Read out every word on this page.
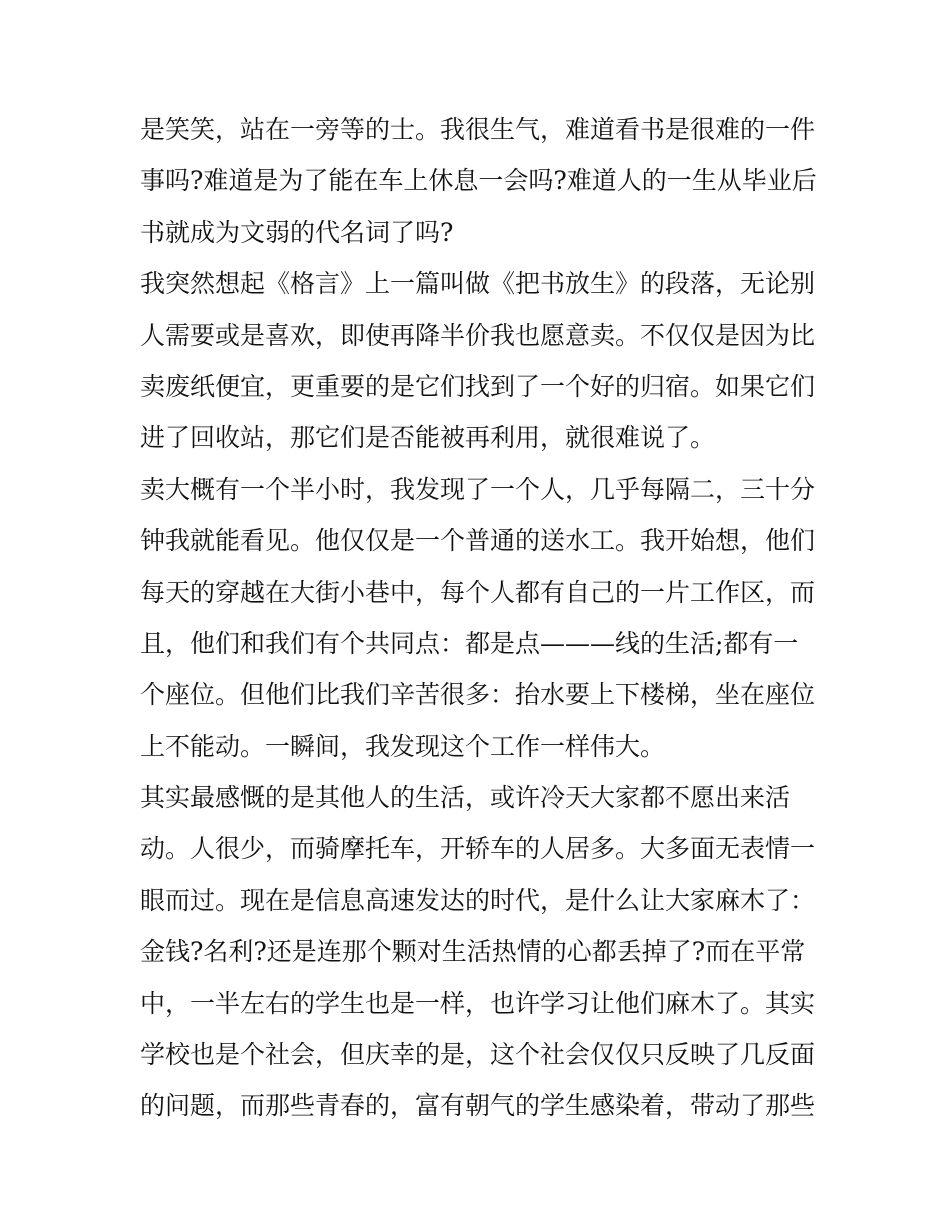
是笑笑，站在一旁等的士。我很生气，难道看书是很难的一件
事吗?难道是为了能在车上休息一会吗?难道人的一生从毕业后
书就成为文弱的代名词了吗?
我突然想起《格言》上一篇叫做《把书放生》的段落，无论别
人需要或是喜欢，即使再降半价我也愿意卖。不仅仅是因为比
卖废纸便宜，更重要的是它们找到了一个好的归宿。如果它们
进了回收站，那它们是否能被再利用，就很难说了。
卖大概有一个半小时，我发现了一个人，几乎每隔二，三十分
钟我就能看见。他仅仅是一个普通的送水工。我开始想，他们
每天的穿越在大街小巷中，每个人都有自己的一片工作区，而
且，他们和我们有个共同点：都是点———线的生活;都有一
个座位。但他们比我们辛苦很多：抬水要上下楼梯，坐在座位
上不能动。一瞬间，我发现这个工作一样伟大。
其实最感慨的是其他人的生活，或许冷天大家都不愿出来活
动。人很少，而骑摩托车，开轿车的人居多。大多面无表情一
眼而过。现在是信息高速发达的时代，是什么让大家麻木了：
金钱?名利?还是连那个颗对生活热情的心都丢掉了?而在平常
中，一半左右的学生也是一样，也许学习让他们麻木了。其实
学校也是个社会，但庆幸的是，这个社会仅仅只反映了几反面
的问题，而那些青春的，富有朝气的学生感染着，带动了那些
